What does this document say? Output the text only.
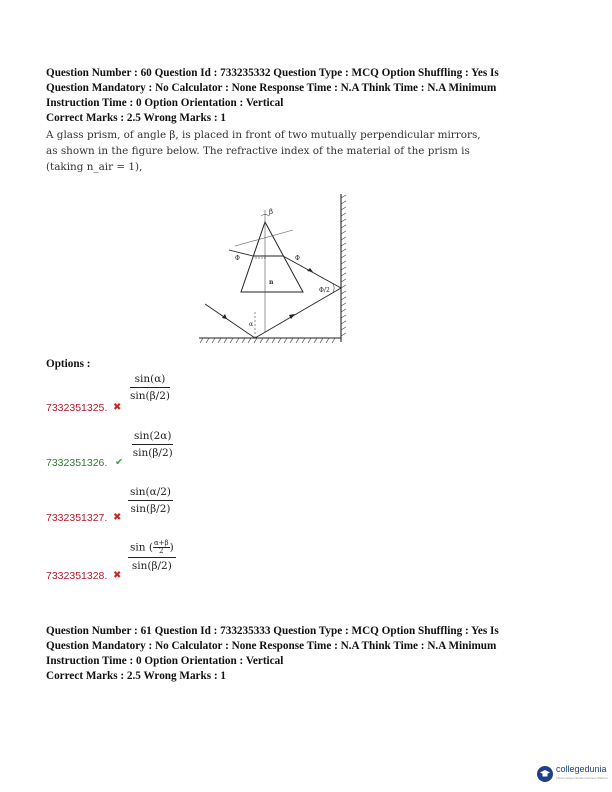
Question Number : 60 Question Id : 733235332 Question Type : MCQ Option Shuffling : Yes Is
Question Mandatory : No Calculator : None Response Time : N.A Think Time : N.A Minimum
Instruction Time : 0 Option Orientation : Vertical
Correct Marks : 2.5 Wrong Marks : 1
A glass prism, of angle β, is placed in front of two mutually perpendicular mirrors,
as shown in the figure below. The refractive index of the material of the prism is
(taking n_air = 1),
β
Φ	Φ
n
Φ/2
α
Options :
7332351325. ✖
$\frac{\sin(\alpha)}{\sin(\beta/2)}$
7332351326. ✔
$\frac{\sin(2\alpha)}{\sin(\beta/2)}$
7332351327. ✖
$\frac{\sin(\alpha/2)}{\sin(\beta/2)}$
7332351328. ✖
$\frac{\sin ( \frac{\alpha+\beta}{2} )}{\sin(\beta/2)}$
Question Number : 61 Question Id : 733235333 Question Type : MCQ Option Shuffling : Yes Is
Question Mandatory : No Calculator : None Response Time : N.A Think Time : N.A Minimum
Instruction Time : 0 Option Orientation : Vertical
Correct Marks : 2.5 Wrong Marks : 1
collegedunia
India's largest Student Review Platform
